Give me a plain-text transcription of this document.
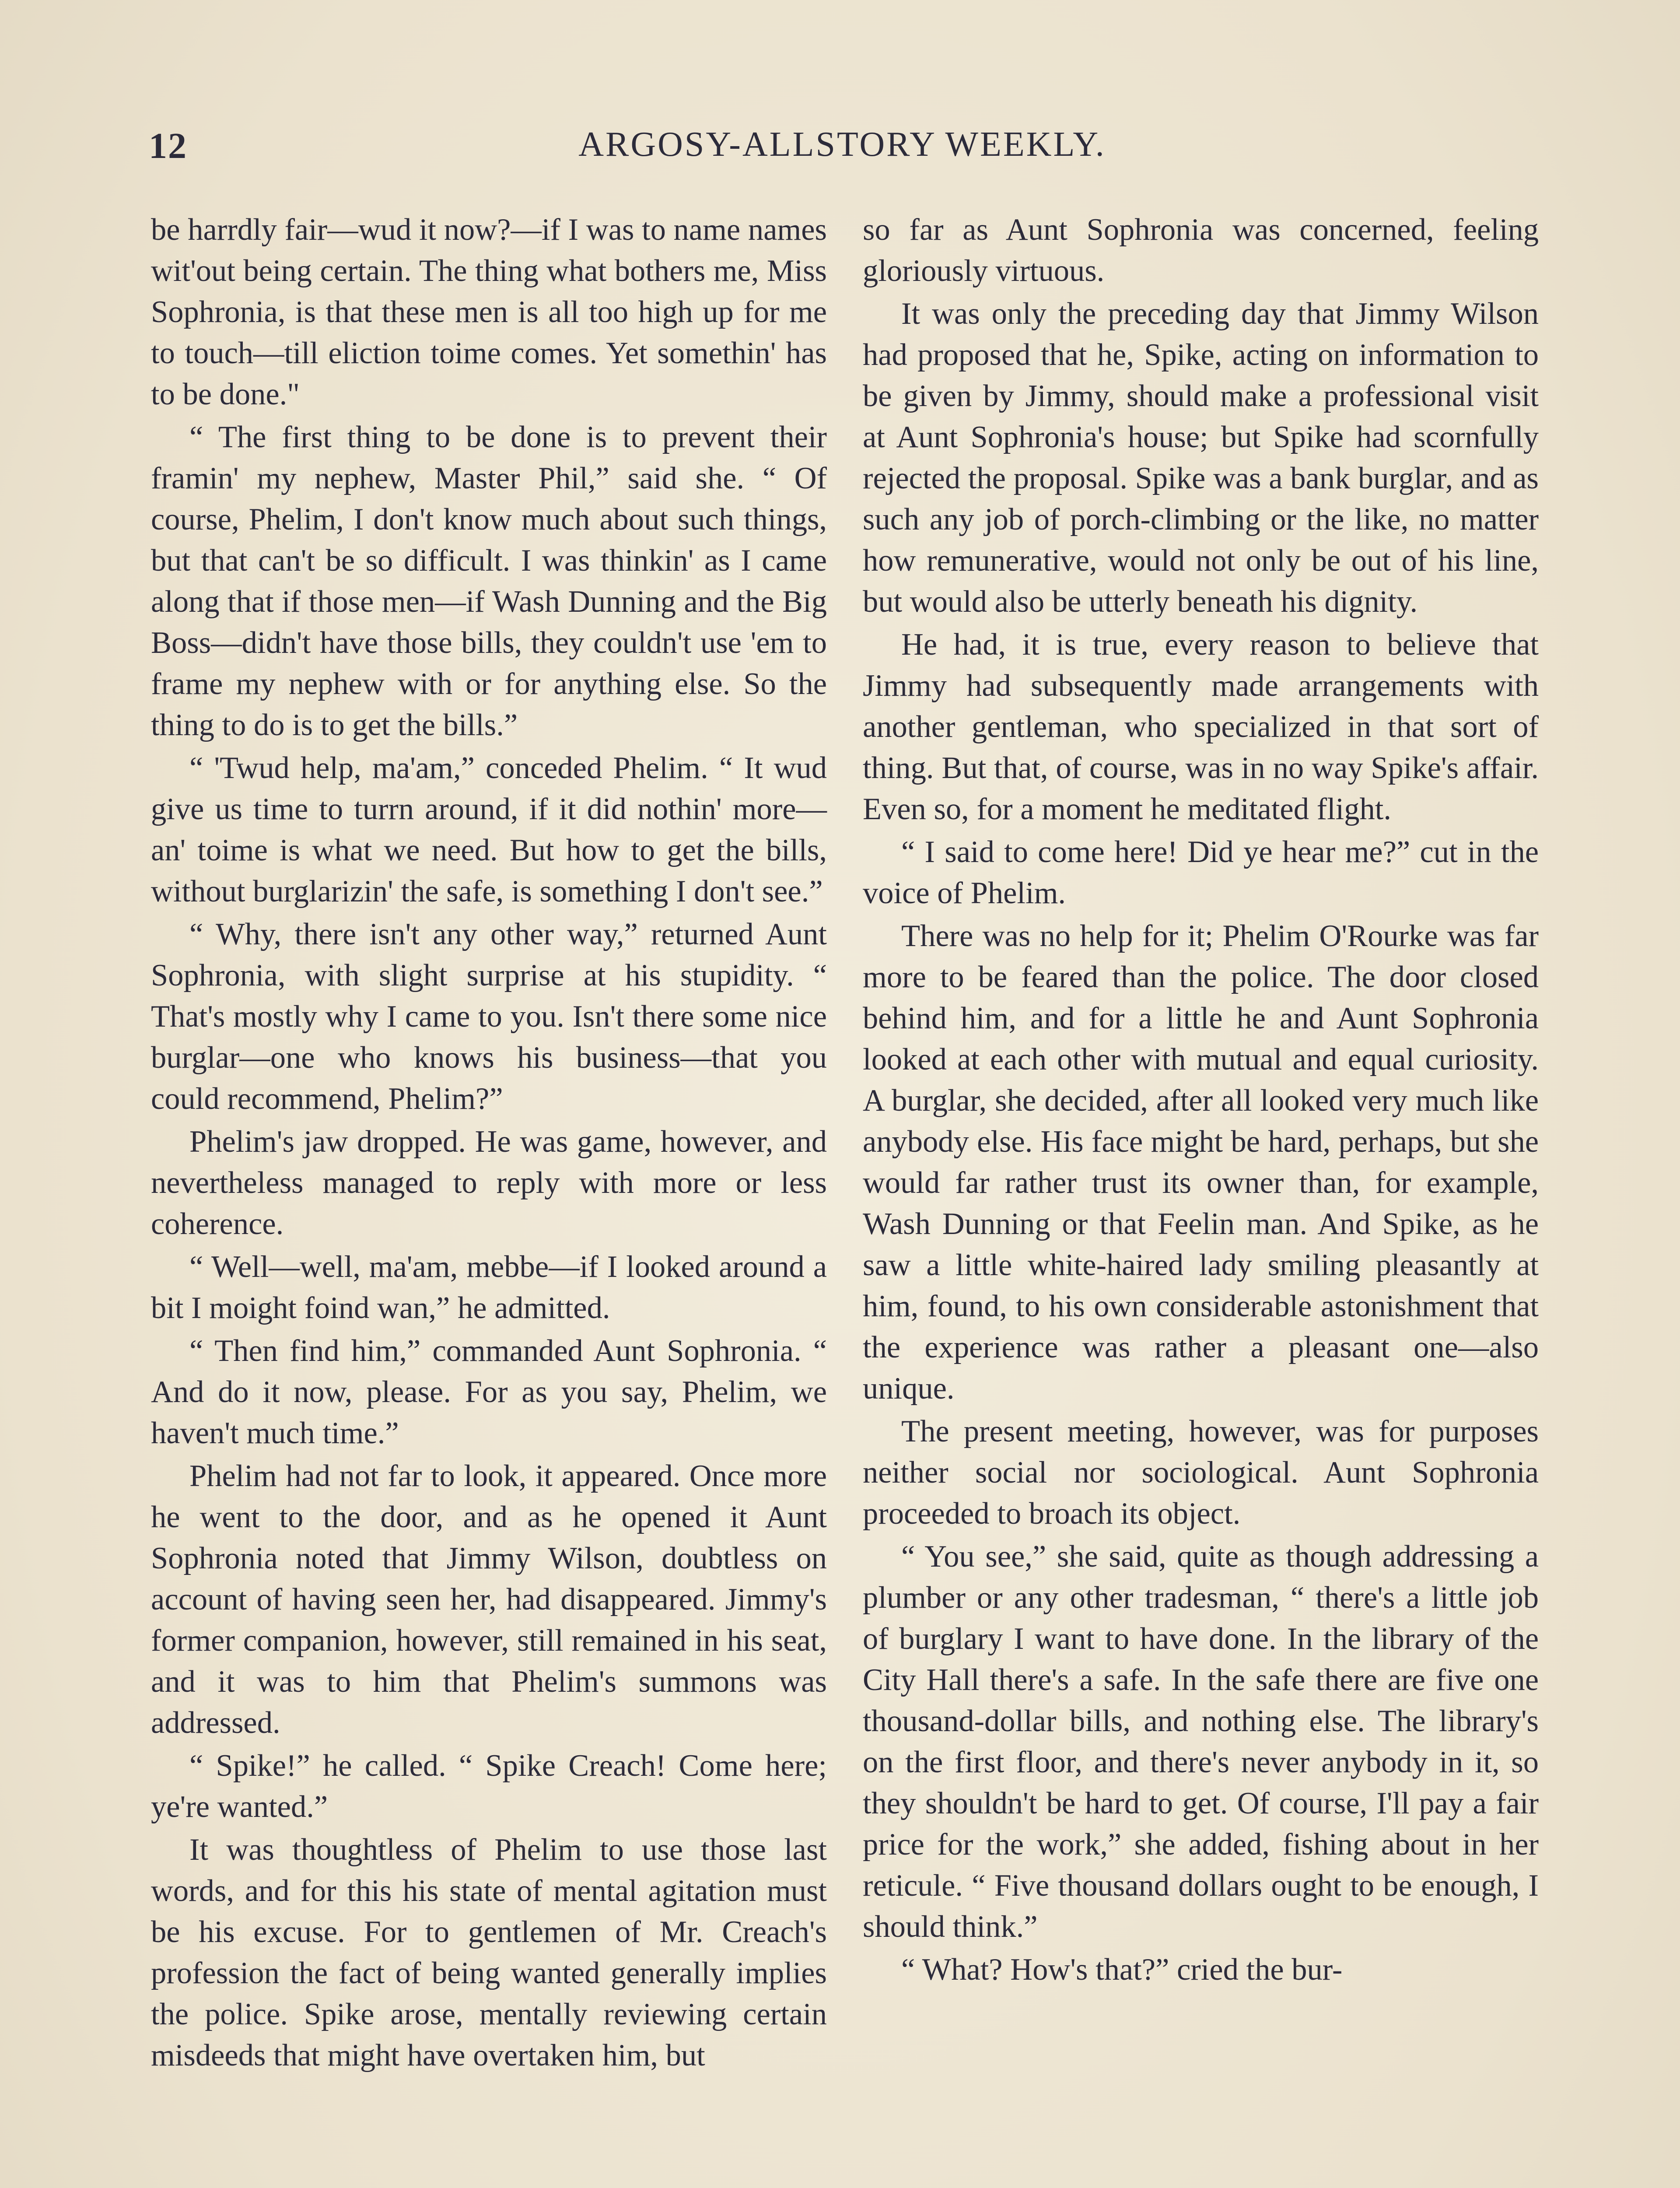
12	ARGOSY-ALLSTORY WEEKLY.

be harrdly fair—wud it now?—if I was to name names wit'out being certain. The thing what bothers me, Miss Sophronia, is that these men is all too high up for me to touch—till eliction toime comes. Yet somethin' has to be done."

“ The first thing to be done is to prevent their framin' my nephew, Master Phil,” said she. “ Of course, Phelim, I don't know much about such things, but that can't be so difficult. I was thinkin' as I came along that if those men—if Wash Dunning and the Big Boss—didn't have those bills, they couldn't use 'em to frame my nephew with or for anything else. So the thing to do is to get the bills.”

“ 'Twud help, ma'am,” conceded Phelim. “ It wud give us time to turrn around, if it did nothin' more—an' toime is what we need. But how to get the bills, without burglarizin' the safe, is something I don't see.”

“ Why, there isn't any other way,” returned Aunt Sophronia, with slight surprise at his stupidity. “ That's mostly why I came to you. Isn't there some nice burglar—one who knows his business—that you could recommend, Phelim?”

Phelim's jaw dropped. He was game, however, and nevertheless managed to reply with more or less coherence.

“ Well—well, ma'am, mebbe—if I looked around a bit I moight foind wan,” he admitted.

“ Then find him,” commanded Aunt Sophronia. “ And do it now, please. For as you say, Phelim, we haven't much time.”

Phelim had not far to look, it appeared. Once more he went to the door, and as he opened it Aunt Sophronia noted that Jimmy Wilson, doubtless on account of having seen her, had disappeared. Jimmy's former companion, however, still remained in his seat, and it was to him that Phelim's summons was addressed.

“ Spike!” he called. “ Spike Creach! Come here; ye're wanted.”

It was thoughtless of Phelim to use those last words, and for this his state of mental agitation must be his excuse. For to gentlemen of Mr. Creach's profession the fact of being wanted generally implies the police. Spike arose, mentally reviewing certain misdeeds that might have overtaken him, but

so far as Aunt Sophronia was concerned, feeling gloriously virtuous.

It was only the preceding day that Jimmy Wilson had proposed that he, Spike, acting on information to be given by Jimmy, should make a professional visit at Aunt Sophronia's house; but Spike had scornfully rejected the proposal. Spike was a bank burglar, and as such any job of porch-climbing or the like, no matter how remunerative, would not only be out of his line, but would also be utterly beneath his dignity.

He had, it is true, every reason to believe that Jimmy had subsequently made arrangements with another gentleman, who specialized in that sort of thing. But that, of course, was in no way Spike's affair. Even so, for a moment he meditated flight.

“ I said to come here! Did ye hear me?” cut in the voice of Phelim.

There was no help for it; Phelim O'Rourke was far more to be feared than the police. The door closed behind him, and for a little he and Aunt Sophronia looked at each other with mutual and equal curiosity. A burglar, she decided, after all looked very much like anybody else. His face might be hard, perhaps, but she would far rather trust its owner than, for example, Wash Dunning or that Feelin man. And Spike, as he saw a little white-haired lady smiling pleasantly at him, found, to his own considerable astonishment that the experience was rather a pleasant one—also unique.

The present meeting, however, was for purposes neither social nor sociological. Aunt Sophronia proceeded to broach its object.

“ You see,” she said, quite as though addressing a plumber or any other tradesman, “ there's a little job of burglary I want to have done. In the library of the City Hall there's a safe. In the safe there are five one thousand-dollar bills, and nothing else. The library's on the first floor, and there's never anybody in it, so they shouldn't be hard to get. Of course, I'll pay a fair price for the work,” she added, fishing about in her reticule. “ Five thousand dollars ought to be enough, I should think.”

“ What? How's that?” cried the bur-
